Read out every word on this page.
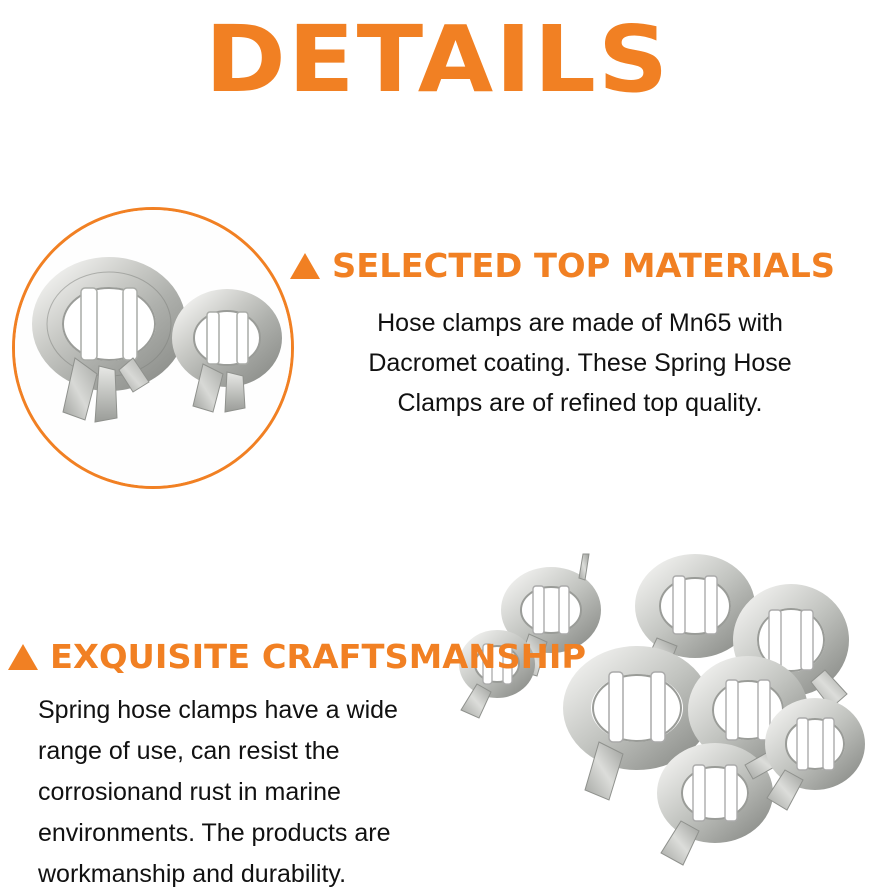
DETAILS
SELECTED TOP MATERIALS
Hose clamps are made of Mn65 with Dacromet coating. These Spring Hose Clamps are of refined top quality.
EXQUISITE CRAFTSMANSHIP
Spring hose clamps have a wide range of use, can resist the corrosionand rust in marine environments. The products are workmanship and durability.
